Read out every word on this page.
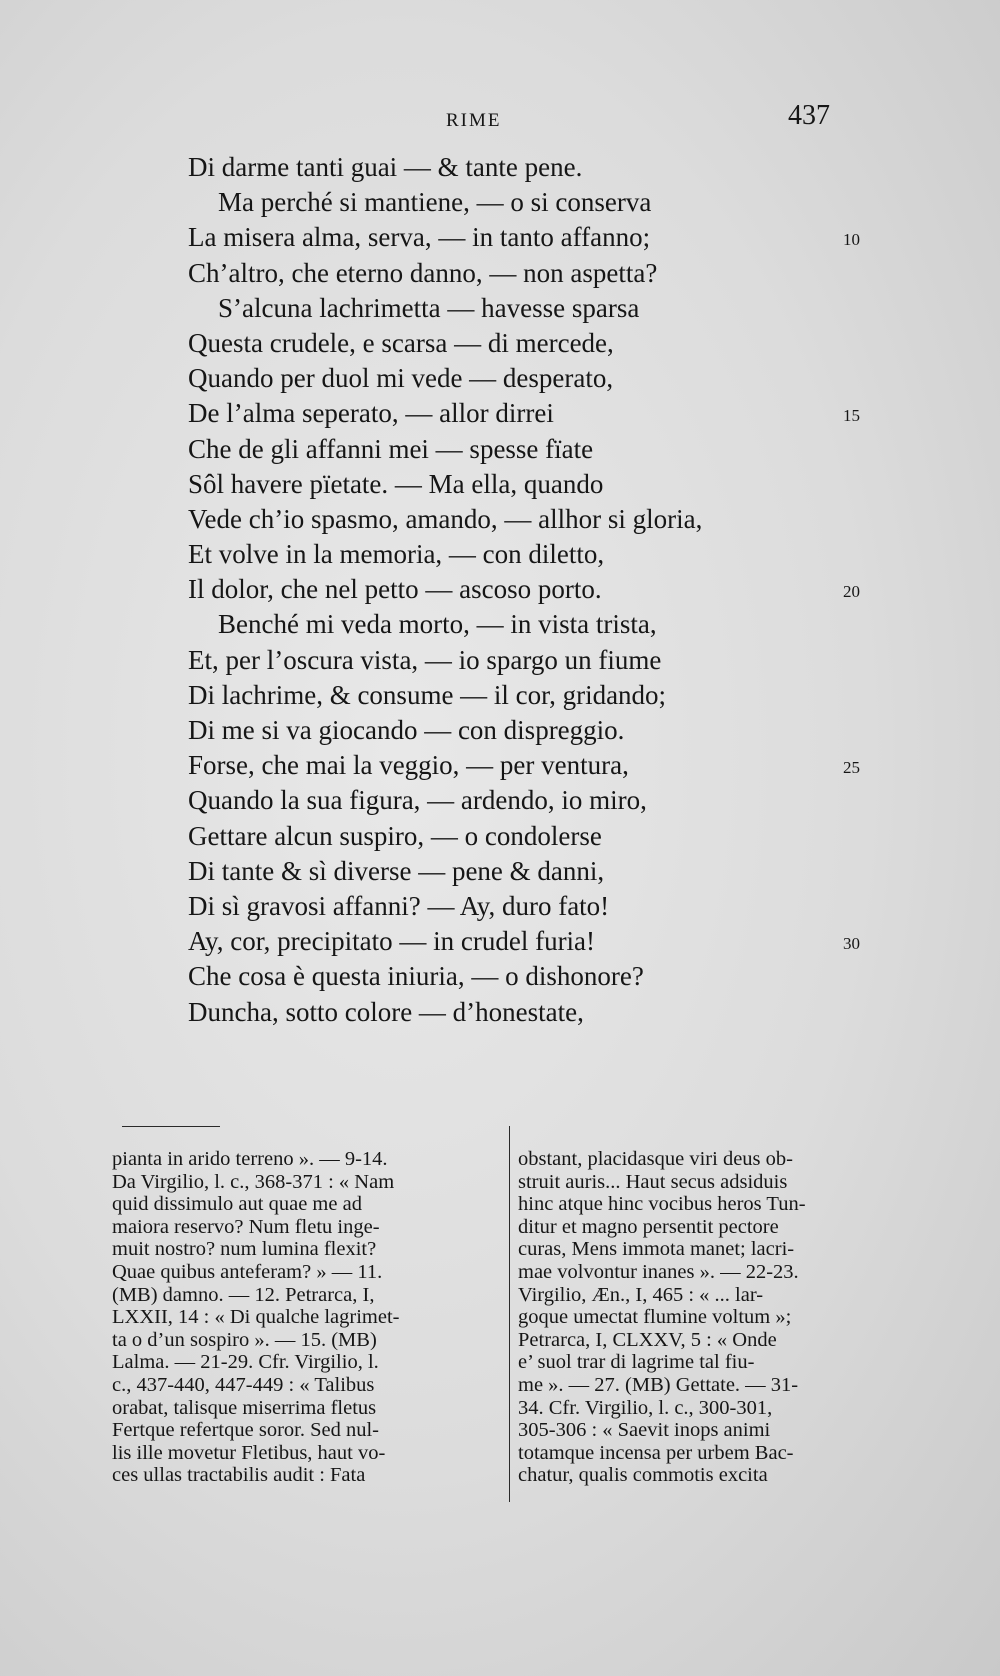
RIME	437
Di darme tanti guai — & tante pene.
Ma perché si mantiene, — o si conserva
La misera alma, serva, — in tanto affanno;	10
Ch’altro, che eterno danno, — non aspetta?
S’alcuna lachrimetta — havesse sparsa
Questa crudele, e scarsa — di mercede,
Quando per duol mi vede — desperato,
De l’alma seperato, — allor dirrei	15
Che de gli affanni mei — spesse fïate
Sôl havere pïetate. — Ma ella, quando
Vede ch’io spasmo, amando, — allhor si gloria,
Et volve in la memoria, — con diletto,
Il dolor, che nel petto — ascoso porto.	20
Benché mi veda morto, — in vista trista,
Et, per l’oscura vista, — io spargo un fiume
Di lachrime, & consume — il cor, gridando;
Di me si va giocando — con dispreggio.
Forse, che mai la veggio, — per ventura,	25
Quando la sua figura, — ardendo, io miro,
Gettare alcun suspiro, — o condolerse
Di tante & sì diverse — pene & danni,
Di sì gravosi affanni? — Ay, duro fato!
Ay, cor, precipitato — in crudel furia!	30
Che cosa è questa iniuria, — o dishonore?
Duncha, sotto colore — d’honestate,
pianta in arido terreno ». — 9-14.
Da Virgilio, l. c., 368-371 : « Nam
quid dissimulo aut quae me ad
maiora reservo? Num fletu inge-
muit nostro? num lumina flexit?
Quae quibus anteferam? » — 11.
(MB) damno. — 12. Petrarca, I,
LXXII, 14 : « Di qualche lagrimet-
ta o d’un sospiro ». — 15. (MB)
Lalma. — 21-29. Cfr. Virgilio, l.
c., 437-440, 447-449 : « Talibus
orabat, talisque miserrima fletus
Fertque refertque soror. Sed nul-
lis ille movetur Fletibus, haut vo-
ces ullas tractabilis audit : Fata
obstant, placidasque viri deus ob-
struit auris... Haut secus adsiduis
hinc atque hinc vocibus heros Tun-
ditur et magno persentit pectore
curas, Mens immota manet; lacri-
mae volvontur inanes ». — 22-23.
Virgilio, Æn., I, 465 : « ... lar-
goque umectat flumine voltum »;
Petrarca, I, CLXXV, 5 : « Onde
e’ suol trar di lagrime tal fiu-
me ». — 27. (MB) Gettate. — 31-
34. Cfr. Virgilio, l. c., 300-301,
305-306 : « Saevit inops animi
totamque incensa per urbem Bac-
chatur, qualis commotis excita
